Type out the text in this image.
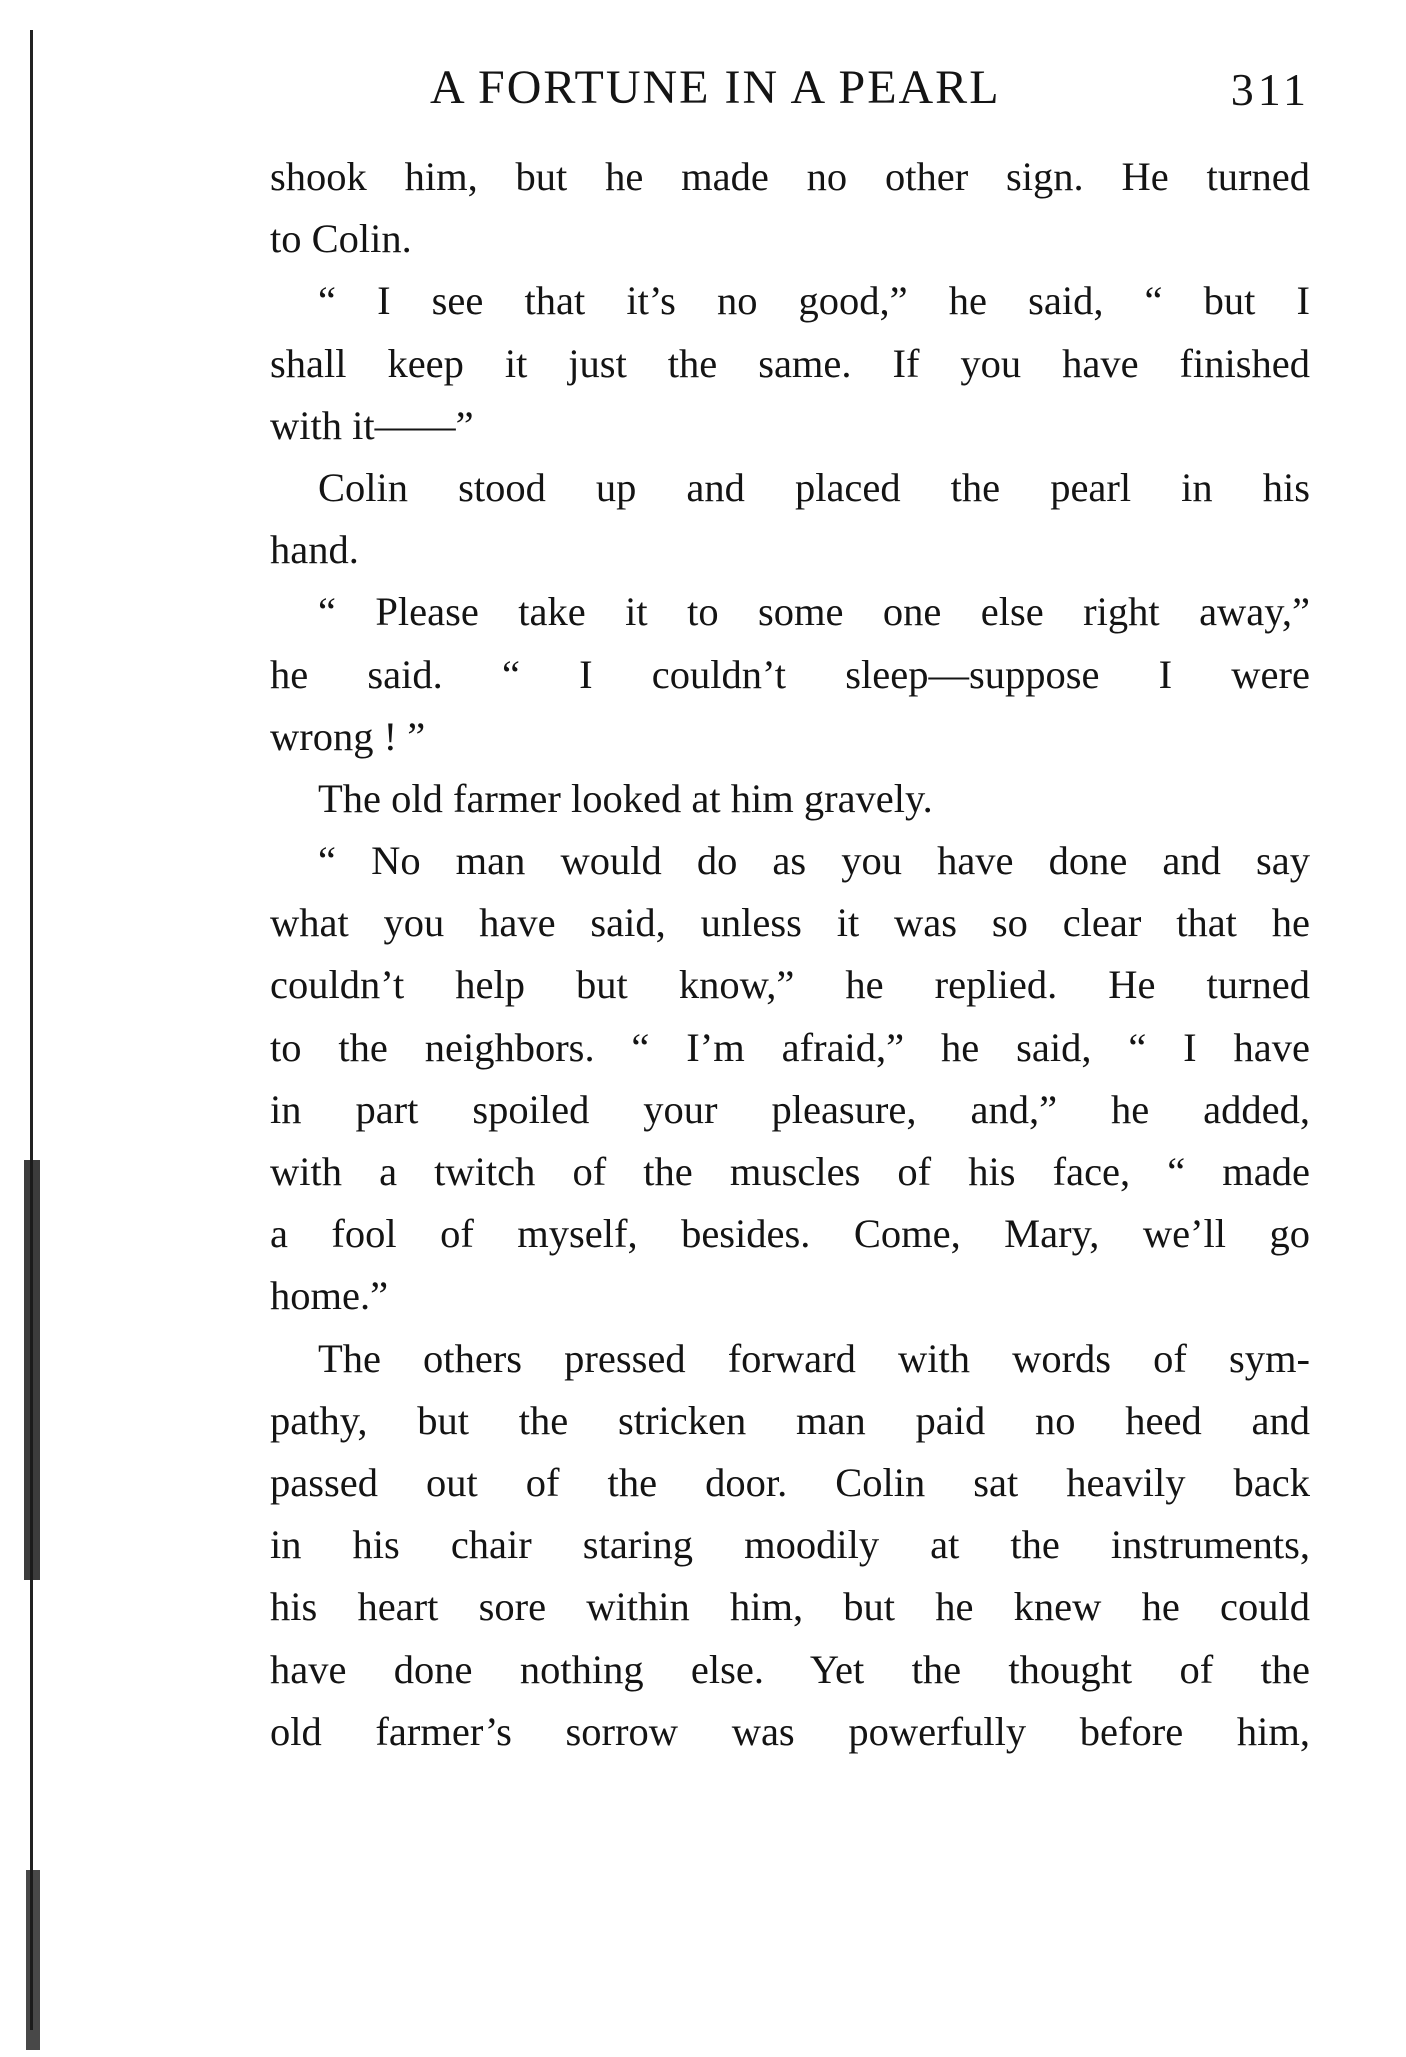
A FORTUNE IN A PEARL	311
shook him, but he made no other sign. He turned
to Colin.
“ I see that it’s no good,” he said, “ but I
shall keep it just the same. If you have finished
with it——”
Colin stood up and placed the pearl in his
hand.
“ Please take it to some one else right away,”
he said. “ I couldn’t sleep—suppose I were
wrong ! ”
The old farmer looked at him gravely.
“ No man would do as you have done and say
what you have said, unless it was so clear that he
couldn’t help but know,” he replied. He turned
to the neighbors. “ I’m afraid,” he said, “ I have
in part spoiled your pleasure, and,” he added,
with a twitch of the muscles of his face, “ made
a fool of myself, besides. Come, Mary, we’ll go
home.”
The others pressed forward with words of sym-
pathy, but the stricken man paid no heed and
passed out of the door. Colin sat heavily back
in his chair staring moodily at the instruments,
his heart sore within him, but he knew he could
have done nothing else. Yet the thought of the
old farmer’s sorrow was powerfully before him,
